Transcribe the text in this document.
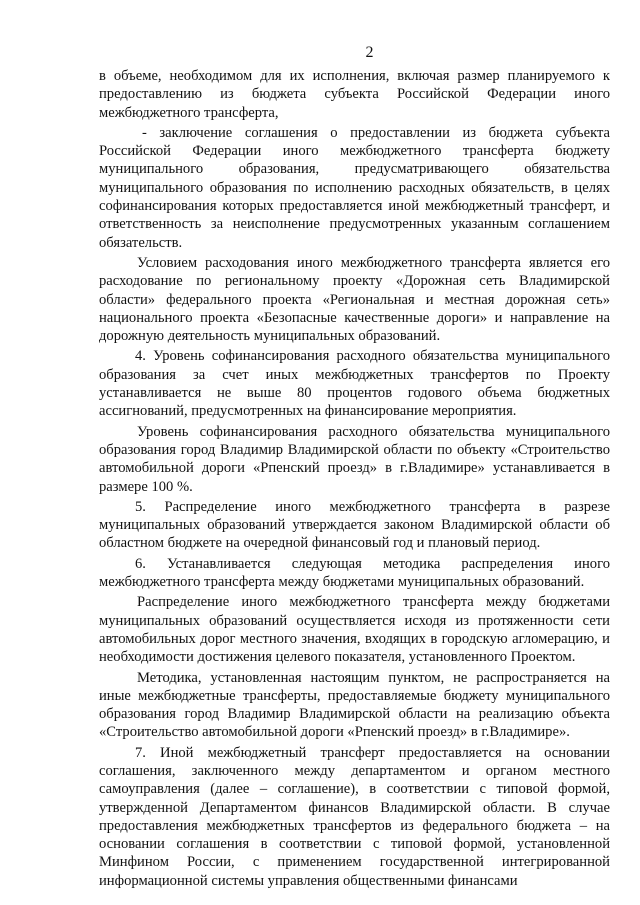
2

в объеме, необходимом для их исполнения, включая размер планируемого к предоставлению из бюджета субъекта Российской Федерации иного межбюджетного трансферта,

- заключение соглашения о предоставлении из бюджета субъекта Российской Федерации иного межбюджетного трансферта бюджету муниципального образования, предусматривающего обязательства муниципального образования по исполнению расходных обязательств, в целях софинансирования которых предоставляется иной межбюджетный трансферт, и ответственность за неисполнение предусмотренных указанным соглашением обязательств.

Условием расходования иного межбюджетного трансферта является его расходование по региональному проекту «Дорожная сеть Владимирской области» федерального проекта «Региональная и местная дорожная сеть» национального проекта «Безопасные качественные дороги» и направление на дорожную деятельность муниципальных образований.

4. Уровень софинансирования расходного обязательства муниципального образования за счет иных межбюджетных трансфертов по Проекту устанавливается не выше 80 процентов годового объема бюджетных ассигнований, предусмотренных на финансирование мероприятия.

Уровень софинансирования расходного обязательства муниципального образования город Владимир Владимирской области по объекту «Строительство автомобильной дороги «Рпенский проезд» в г.Владимире» устанавливается в размере 100 %.

5. Распределение иного межбюджетного трансферта в разрезе муниципальных образований утверждается законом Владимирской области об областном бюджете на очередной финансовый год и плановый период.

6. Устанавливается следующая методика распределения иного межбюджетного трансферта между бюджетами муниципальных образований.

Распределение иного межбюджетного трансферта между бюджетами муниципальных образований осуществляется исходя из протяженности сети автомобильных дорог местного значения, входящих в городскую агломерацию, и необходимости достижения целевого показателя, установленного Проектом.

Методика, установленная настоящим пунктом, не распространяется на иные межбюджетные трансферты, предоставляемые бюджету муниципального образования город Владимир Владимирской области на реализацию объекта «Строительство автомобильной дороги «Рпенский проезд» в г.Владимире».

7. Иной межбюджетный трансферт предоставляется на основании соглашения, заключенного между департаментом и органом местного самоуправления (далее – соглашение), в соответствии с типовой формой, утвержденной Департаментом финансов Владимирской области. В случае предоставления межбюджетных трансфертов из федерального бюджета – на основании соглашения в соответствии с типовой формой, установленной Минфином России, с применением государственной интегрированной информационной системы управления общественными финансами
